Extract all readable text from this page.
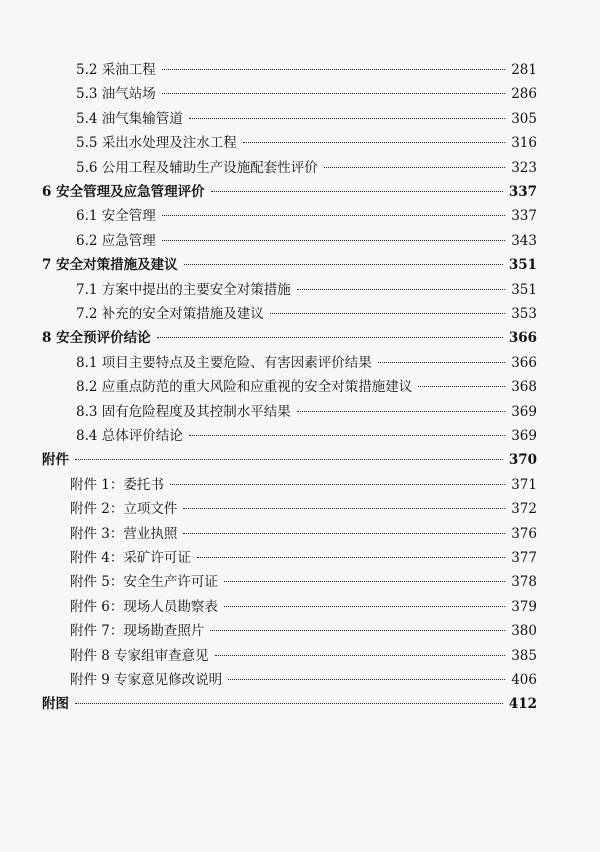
5.2 采油工程	281
5.3 油气站场	286
5.4 油气集输管道	305
5.5 采出水处理及注水工程	316
5.6 公用工程及辅助生产设施配套性评价	323
6 安全管理及应急管理评价	337
6.1 安全管理	337
6.2 应急管理	343
7 安全对策措施及建议	351
7.1 方案中提出的主要安全对策措施	351
7.2 补充的安全对策措施及建议	353
8 安全预评价结论	366
8.1 项目主要特点及主要危险、有害因素评价结果	366
8.2 应重点防范的重大风险和应重视的安全对策措施建议	368
8.3 固有危险程度及其控制水平结果	369
8.4 总体评价结论	369
附件	370
附件 1：委托书	371
附件 2：立项文件	372
附件 3：营业执照	376
附件 4：采矿许可证	377
附件 5：安全生产许可证	378
附件 6：现场人员勘察表	379
附件 7：现场勘查照片	380
附件 8 专家组审查意见	385
附件 9 专家意见修改说明	406
附图	412
